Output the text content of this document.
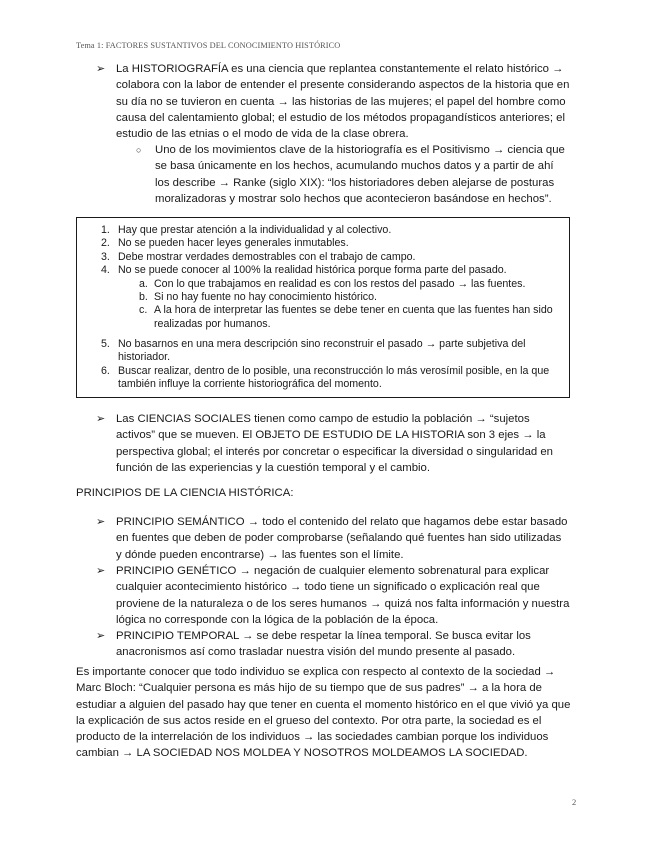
Tema 1: FACTORES SUSTANTIVOS DEL CONOCIMIENTO HISTÓRICO
➢ La HISTORIOGRAFÍA es una ciencia que replantea constantemente el relato histórico → colabora con la labor de entender el presente considerando aspectos de la historia que en su día no se tuvieron en cuenta → las historias de las mujeres; el papel del hombre como causa del calentamiento global; el estudio de los métodos propagandísticos anteriores; el estudio de las etnias o el modo de vida de la clase obrera.
○ Uno de los movimientos clave de la historiografía es el Positivismo → ciencia que se basa únicamente en los hechos, acumulando muchos datos y a partir de ahí los describe → Ranke (siglo XIX): “los historiadores deben alejarse de posturas moralizadoras y mostrar solo hechos que acontecieron basándose en hechos”.
1. Hay que prestar atención a la individualidad y al colectivo.
2. No se pueden hacer leyes generales inmutables.
3. Debe mostrar verdades demostrables con el trabajo de campo.
4. No se puede conocer al 100% la realidad histórica porque forma parte del pasado.
a. Con lo que trabajamos en realidad es con los restos del pasado → las fuentes.
b. Si no hay fuente no hay conocimiento histórico.
c. A la hora de interpretar las fuentes se debe tener en cuenta que las fuentes han sido realizadas por humanos.
5. No basarnos en una mera descripción sino reconstruir el pasado → parte subjetiva del historiador.
6. Buscar realizar, dentro de lo posible, una reconstrucción lo más verosímil posible, en la que también influye la corriente historiográfica del momento.
➢ Las CIENCIAS SOCIALES tienen como campo de estudio la población → “sujetos activos” que se mueven. El OBJETO DE ESTUDIO DE LA HISTORIA son 3 ejes → la perspectiva global; el interés por concretar o especificar la diversidad o singularidad en función de las experiencias y la cuestión temporal y el cambio.
PRINCIPIOS DE LA CIENCIA HISTÓRICA:
➢ PRINCIPIO SEMÁNTICO → todo el contenido del relato que hagamos debe estar basado en fuentes que deben de poder comprobarse (señalando qué fuentes han sido utilizadas y dónde pueden encontrarse) → las fuentes son el límite.
➢ PRINCIPIO GENÉTICO → negación de cualquier elemento sobrenatural para explicar cualquier acontecimiento histórico → todo tiene un significado o explicación real que proviene de la naturaleza o de los seres humanos → quizá nos falta información y nuestra lógica no corresponde con la lógica de la población de la época.
➢ PRINCIPIO TEMPORAL → se debe respetar la línea temporal. Se busca evitar los anacronismos así como trasladar nuestra visión del mundo presente al pasado.
Es importante conocer que todo individuo se explica con respecto al contexto de la sociedad → Marc Bloch: “Cualquier persona es más hijo de su tiempo que de sus padres” → a la hora de estudiar a alguien del pasado hay que tener en cuenta el momento histórico en el que vivió ya que la explicación de sus actos reside en el grueso del contexto. Por otra parte, la sociedad es el producto de la interrelación de los individuos → las sociedades cambian porque los individuos cambian → LA SOCIEDAD NOS MOLDEA Y NOSOTROS MOLDEAMOS LA SOCIEDAD.
2
